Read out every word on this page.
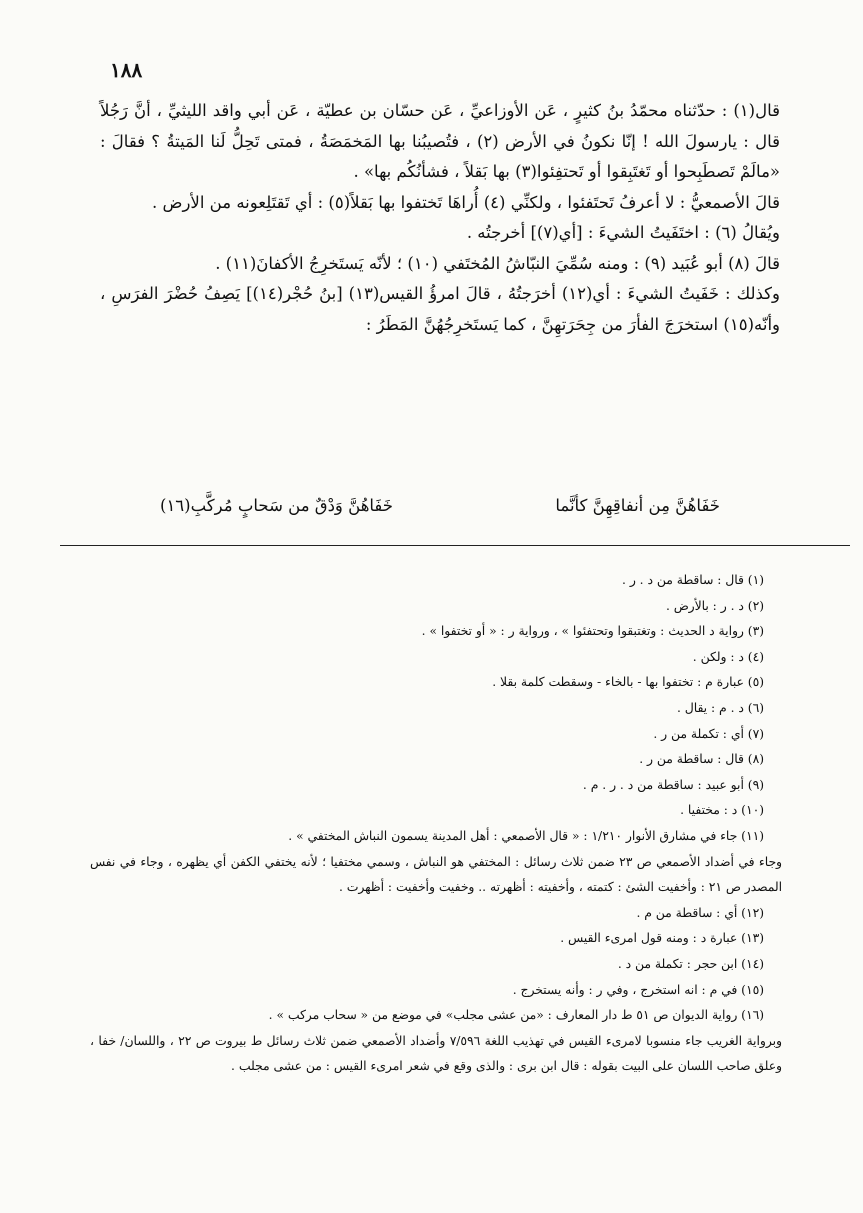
١٨٨

قال(١) : حدّثناه محمّدُ بنُ كثيرٍ ، عَن الأوزاعيِّ ، عَن حسّان بن عطيّة ، عَن أبي واقد الليثيِّ ، أنَّ رَجُلاً قال : يارسولَ الله ! إنّا نكونُ في الأرض (٢) ، فتُصيبُنا بها المَخمَصَةُ ، فمتى تَحِلُّ لَنا المَيتةُ ؟ فقالَ : «مالَمْ تَصطَبِحوا أو تَغتَبِقوا أو تَحتفِئوا(٣) بها بَقلاً ، فشأنُكُم بها» .

قالَ الأصمعيُّ : لا أعرفُ تَحتَفئوا ، ولكنِّي (٤) أُراهَا تَختفوا بها بَقلاً(٥) : أي تَقتَلِعونه من الأرض .

ويُقالُ (٦) : اختَفَيتُ الشيءَ : [أي(٧)] أخرجتُه .

قالَ (٨) أبو عُبَيد (٩) : ومنه سُمِّيَ النبّاشُ المُختَفي (١٠) ؛ لأنّه يَستَخرِجُ الأكفانَ(١١) .

وكذلك : خَفَيتُ الشيءَ : أي(١٢) أخرَجتُهُ ، قالَ امرؤُ القيس(١٣) [بنُ حُجْر(١٤)] يَصِفُ حُضْرَ الفرَسِ ، وأنّه(١٥) استخرَجَ الفأرَ من جِحَرَتهِنَّ ، كما يَستَخرِجُهُنَّ المَطَرُ :

خَفَاهُنَّ مِن أنفاقِهِنَّ كأنَّما
خَفَاهُنَّ وَدْقٌ من سَحابٍ مُركَّبِ(١٦)

(١) قال : ساقطة من د . ر .

(٢) د . ر : بالأرض .

(٣) رواية د الحديث : وتغتبقوا وتحتفئوا » ، ورواية ر : « أو تختفوا » .

(٤) د : ولكن .

(٥) عبارة م : تختفوا بها - بالخاء - وسقطت كلمة بقلا .

(٦) د . م : يقال .

(٧) أي : تكملة من ر .

(٨) قال : ساقطة من ر .

(٩) أبو عبيد : ساقطة من د . ر . م .

(١٠) د : مختفيا .

(١١) جاء في مشارق الأنوار ١/٢١٠ : « قال الأصمعي : أهل المدينة يسمون النباش المختفي » .

وجاء في أضداد الأصمعي ص ٢٣ ضمن ثلاث رسائل : المختفي هو النباش ، وسمي مختفيا ؛ لأنه يختفي الكفن أي يظهره ، وجاء في نفس المصدر ص ٢١ : وأخفيت الشئ : كتمته ، وأخفيته : أظهرته .. وخفيت وأخفيت : أظهرت .

(١٢) أي : ساقطة من م .

(١٣) عبارة د : ومنه قول امرىء القيس .

(١٤) ابن حجر : تكملة من د .

(١٥) في م : انه استخرج ، وفي ر : وأنه يستخرج .

(١٦) رواية الديوان ص ٥١ ط دار المعارف : «من عشى مجلب» في موضع من « سحاب مركب » .

وبرواية الغريب جاء منسوبا لامرىء القيس في تهذيب اللغة ٧/٥٩٦ وأضداد الأصمعي ضمن ثلاث رسائل ط بيروت ص ٢٢ ، واللسان/ خفا ، وعلق صاحب اللسان على البيت بقوله : قال ابن برى : والذى وقع في شعر امرىء القيس : من عشى مجلب .
